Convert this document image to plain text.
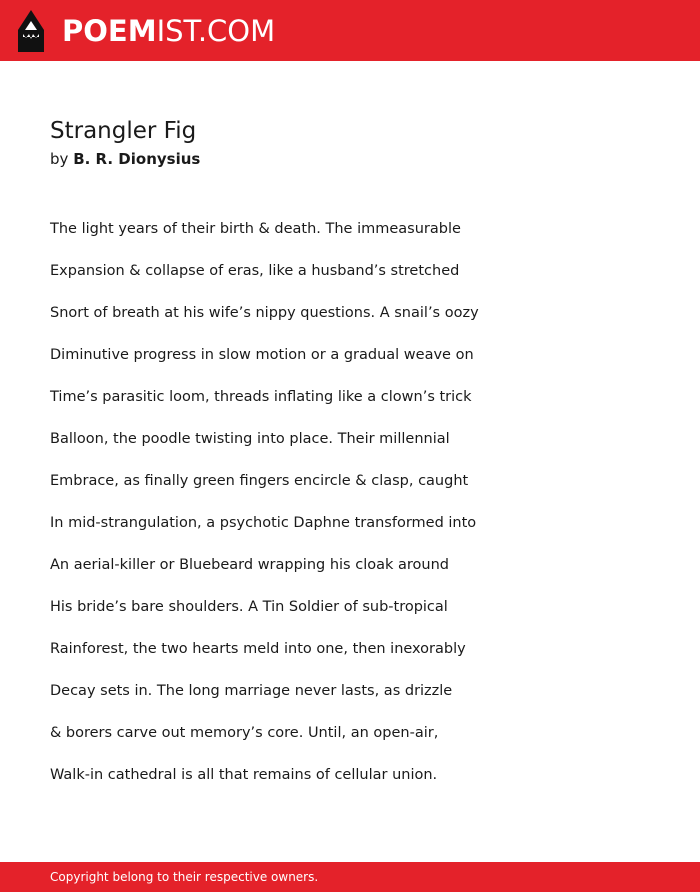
POEMIST.COM
Strangler Fig
by B. R. Dionysius
The light years of their birth & death. The immeasurable
Expansion & collapse of eras, like a husband’s stretched
Snort of breath at his wife’s nippy questions. A snail’s oozy
Diminutive progress in slow motion or a gradual weave on
Time’s parasitic loom, threads inflating like a clown’s trick
Balloon, the poodle twisting into place. Their millennial
Embrace, as finally green fingers encircle & clasp, caught
In mid-strangulation, a psychotic Daphne transformed into
An aerial-killer or Bluebeard wrapping his cloak around
His bride’s bare shoulders. A Tin Soldier of sub-tropical
Rainforest, the two hearts meld into one, then inexorably
Decay sets in. The long marriage never lasts, as drizzle
& borers carve out memory’s core. Until, an open-air,
Walk-in cathedral is all that remains of cellular union.
Copyright belong to their respective owners.
